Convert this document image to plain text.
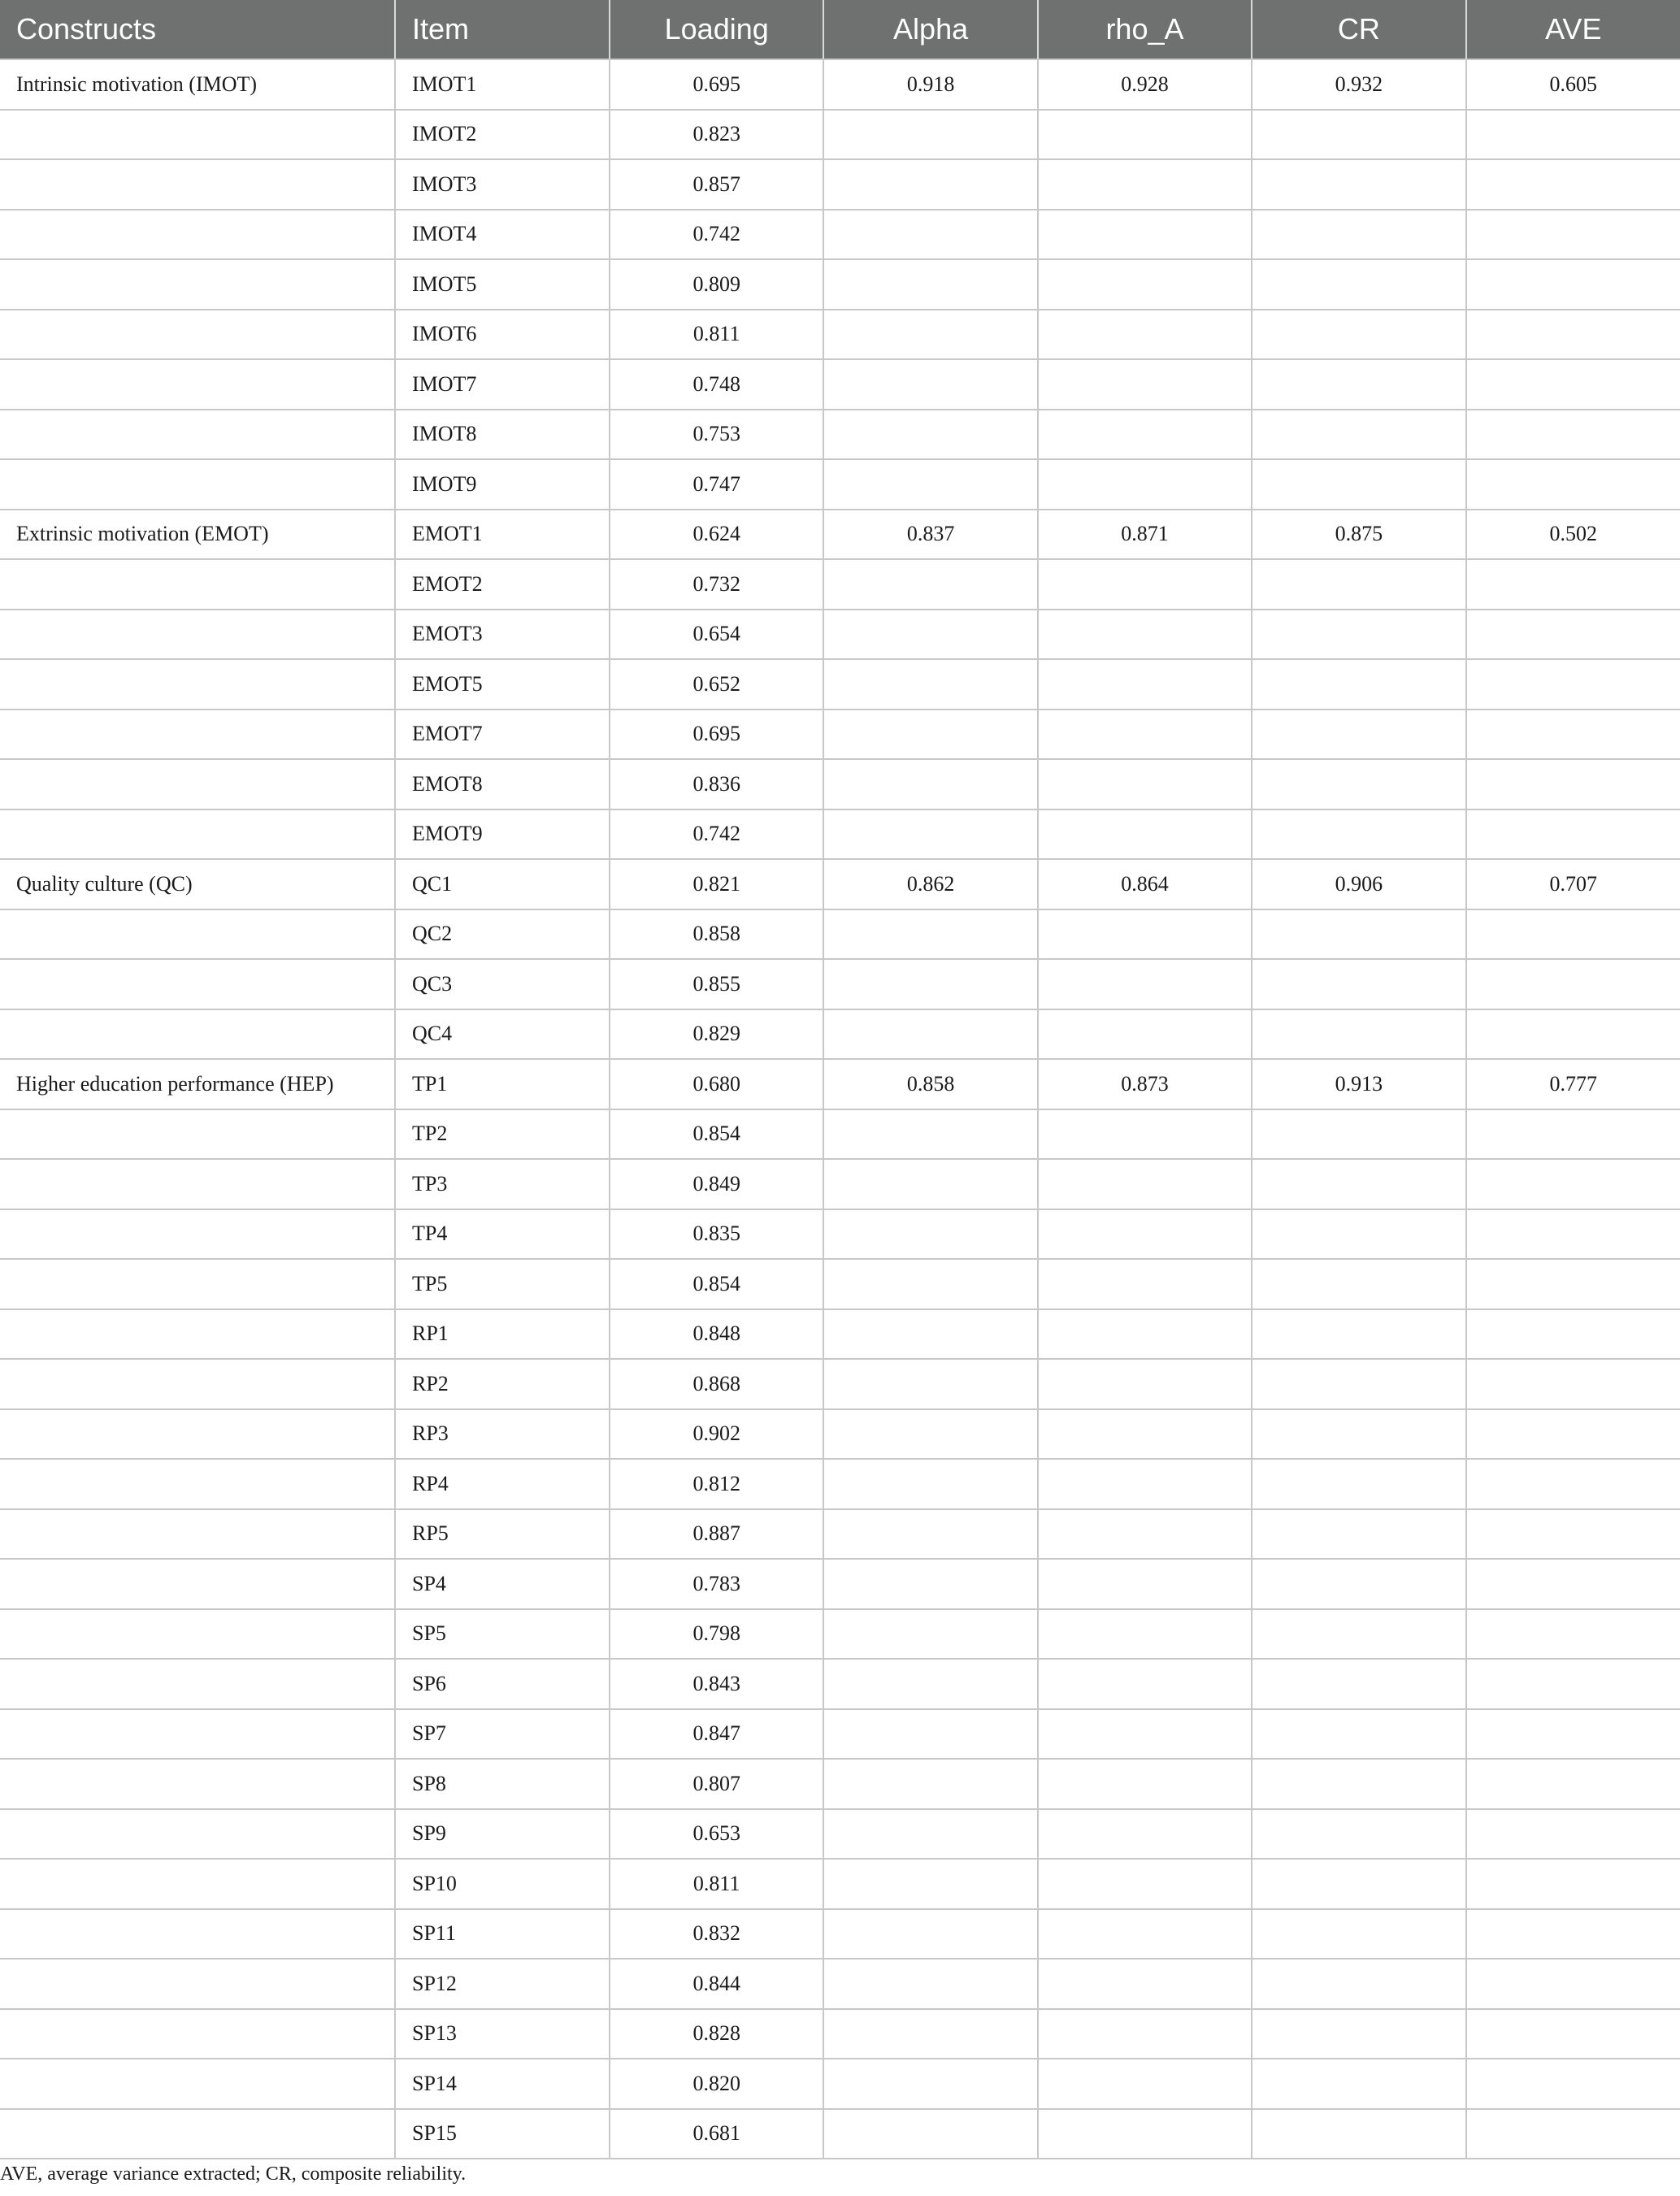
Constructs	Item	Loading	Alpha	rho_A	CR	AVE
Intrinsic motivation (IMOT)	IMOT1	0.695	0.918	0.928	0.932	0.605
	IMOT2	0.823				
	IMOT3	0.857				
	IMOT4	0.742				
	IMOT5	0.809				
	IMOT6	0.811				
	IMOT7	0.748				
	IMOT8	0.753				
	IMOT9	0.747				
Extrinsic motivation (EMOT)	EMOT1	0.624	0.837	0.871	0.875	0.502
	EMOT2	0.732				
	EMOT3	0.654				
	EMOT5	0.652				
	EMOT7	0.695				
	EMOT8	0.836				
	EMOT9	0.742				
Quality culture (QC)	QC1	0.821	0.862	0.864	0.906	0.707
	QC2	0.858				
	QC3	0.855				
	QC4	0.829				
Higher education performance (HEP)	TP1	0.680	0.858	0.873	0.913	0.777
	TP2	0.854				
	TP3	0.849				
	TP4	0.835				
	TP5	0.854				
	RP1	0.848				
	RP2	0.868				
	RP3	0.902				
	RP4	0.812				
	RP5	0.887				
	SP4	0.783				
	SP5	0.798				
	SP6	0.843				
	SP7	0.847				
	SP8	0.807				
	SP9	0.653				
	SP10	0.811				
	SP11	0.832				
	SP12	0.844				
	SP13	0.828				
	SP14	0.820				
	SP15	0.681				
AVE, average variance extracted; CR, composite reliability.
